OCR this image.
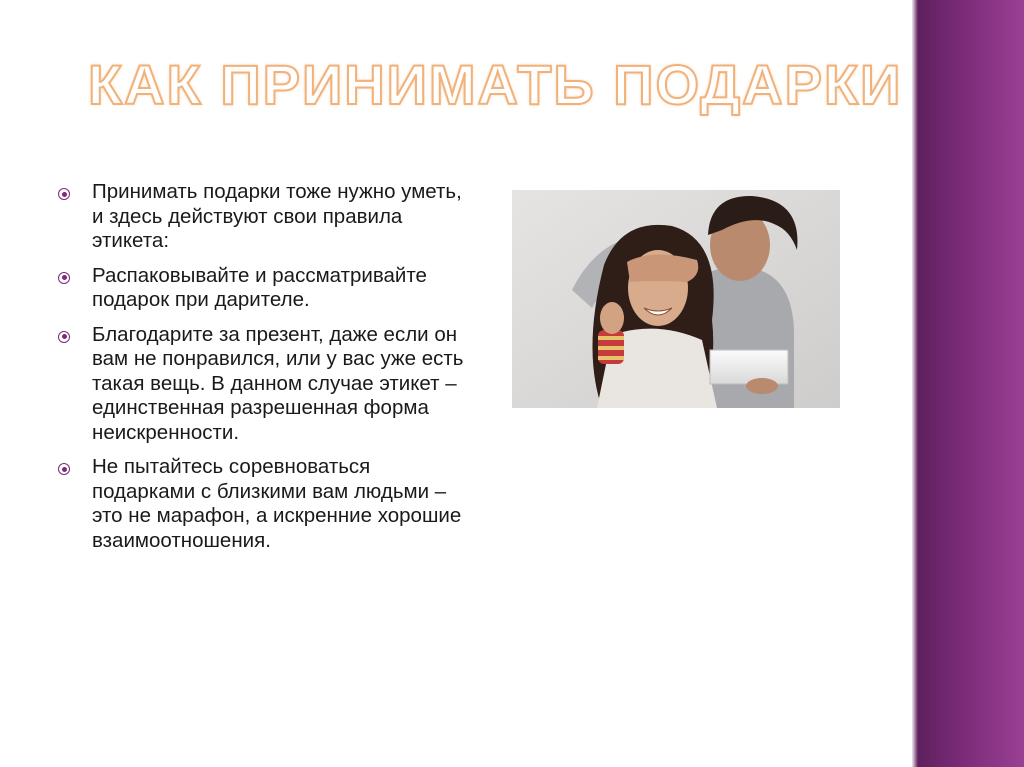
КАК ПРИНИМАТЬ ПОДАРКИ
Принимать подарки тоже нужно уметь, и здесь действуют свои правила этикета:
Распаковывайте и рассматривайте подарок при дарителе.
Благодарите за презент, даже если он вам не понравился, или у вас уже есть такая вещь. В данном случае этикет – единственная разрешенная форма неискренности.
Не пытайтесь соревноваться подарками с близкими вам людьми – это не марафон, а искренние хорошие взаимоотношения.
